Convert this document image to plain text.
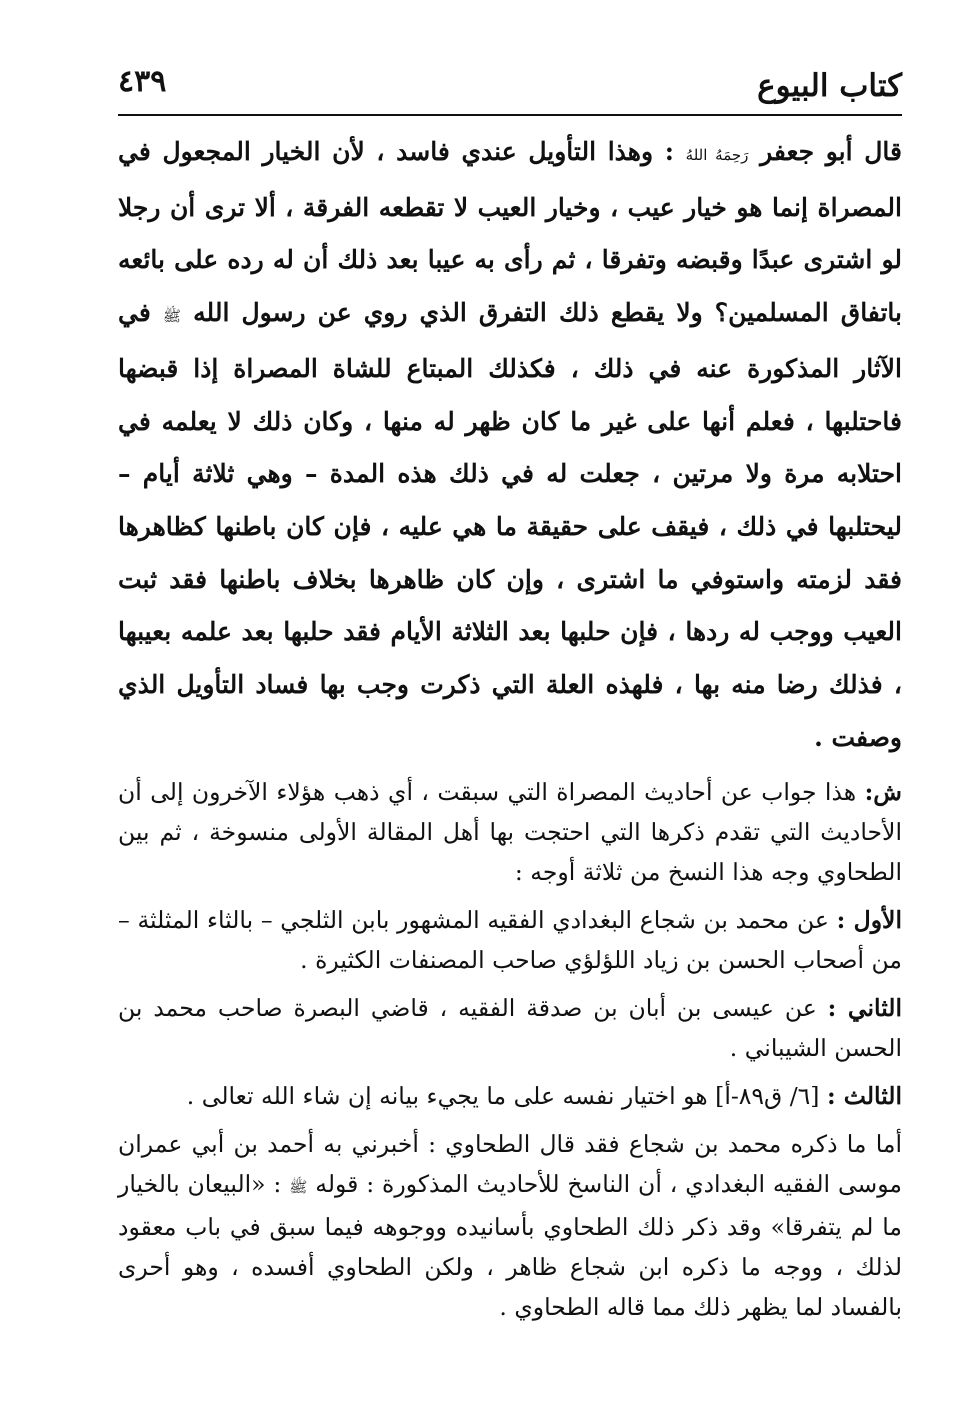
كتاب البيوع
٤٣٩

قال أبو جعفر رَحِمَهُ اللهُ : وهذا التأويل عندي فاسد ، لأن الخيار المجعول في المصراة إنما هو خيار عيب ، وخيار العيب لا تقطعه الفرقة ، ألا ترى أن رجلا لو اشترى عبدًا وقبضه وتفرقا ، ثم رأى به عيبا بعد ذلك أن له رده على بائعه باتفاق المسلمين؟ ولا يقطع ذلك التفرق الذي روي عن رسول الله ﷺ في الآثار المذكورة عنه في ذلك ، فكذلك المبتاع للشاة المصراة إذا قبضها فاحتلبها ، فعلم أنها على غير ما كان ظهر له منها ، وكان ذلك لا يعلمه في احتلابه مرة ولا مرتين ، جعلت له في ذلك هذه المدة – وهي ثلاثة أيام – ليحتلبها في ذلك ، فيقف على حقيقة ما هي عليه ، فإن كان باطنها كظاهرها فقد لزمته واستوفي ما اشترى ، وإن كان ظاهرها بخلاف باطنها فقد ثبت العيب ووجب له ردها ، فإن حلبها بعد الثلاثة الأيام فقد حلبها بعد علمه بعيبها ، فذلك رضا منه بها ، فلهذه العلة التي ذكرت وجب بها فساد التأويل الذي وصفت .

ش: هذا جواب عن أحاديث المصراة التي سبقت ، أي ذهب هؤلاء الآخرون إلى أن الأحاديث التي تقدم ذكرها التي احتجت بها أهل المقالة الأولى منسوخة ، ثم بين الطحاوي وجه هذا النسخ من ثلاثة أوجه :

الأول : عن محمد بن شجاع البغدادي الفقيه المشهور بابن الثلجي – بالثاء المثلثة – من أصحاب الحسن بن زياد اللؤلؤي صاحب المصنفات الكثيرة .

الثاني : عن عيسى بن أبان بن صدقة الفقيه ، قاضي البصرة صاحب محمد بن الحسن الشيباني .

الثالث : [٦/ ق٨٩-أ] هو اختيار نفسه على ما يجيء بيانه إن شاء الله تعالى .

أما ما ذكره محمد بن شجاع فقد قال الطحاوي : أخبرني به أحمد بن أبي عمران موسى الفقيه البغدادي ، أن الناسخ للأحاديث المذكورة : قوله ﷺ : «البيعان بالخيار ما لم يتفرقا» وقد ذكر ذلك الطحاوي بأسانيده ووجوهه فيما سبق في باب معقود لذلك ، ووجه ما ذكره ابن شجاع ظاهر ، ولكن الطحاوي أفسده ، وهو أحرى بالفساد لما يظهر ذلك مما قاله الطحاوي .
